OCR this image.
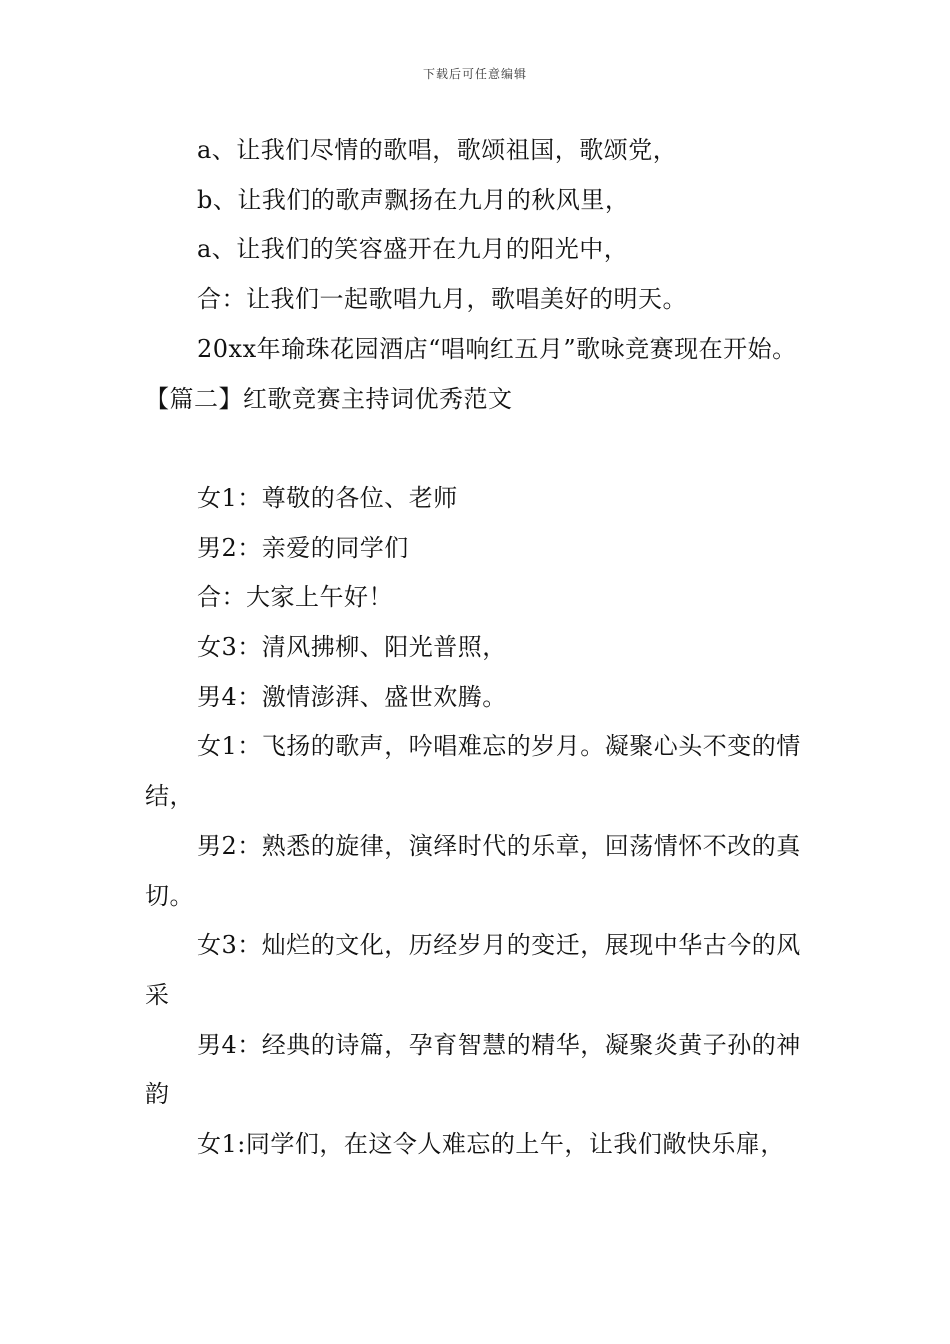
下载后可任意编辑

a、让我们尽情的歌唱，歌颂祖国，歌颂党，

b、让我们的歌声飘扬在九月的秋风里，

a、让我们的笑容盛开在九月的阳光中，

合：让我们一起歌唱九月，歌唱美好的明天。

20xx年瑜珠花园酒店“唱响红五月”歌咏竞赛现在开始。

【篇二】红歌竞赛主持词优秀范文

女1：尊敬的各位、老师

男2：亲爱的同学们

合：大家上午好！

女3：清风拂柳、阳光普照，

男4：激情澎湃、盛世欢腾。

女1：飞扬的歌声，吟唱难忘的岁月。凝聚心头不变的情结，

男2：熟悉的旋律，演绎时代的乐章，回荡情怀不改的真切。

女3：灿烂的文化，历经岁月的变迁，展现中华古今的风采

男4：经典的诗篇，孕育智慧的精华，凝聚炎黄子孙的神韵

女1:同学们，在这令人难忘的上午，让我们敞快乐扉，
